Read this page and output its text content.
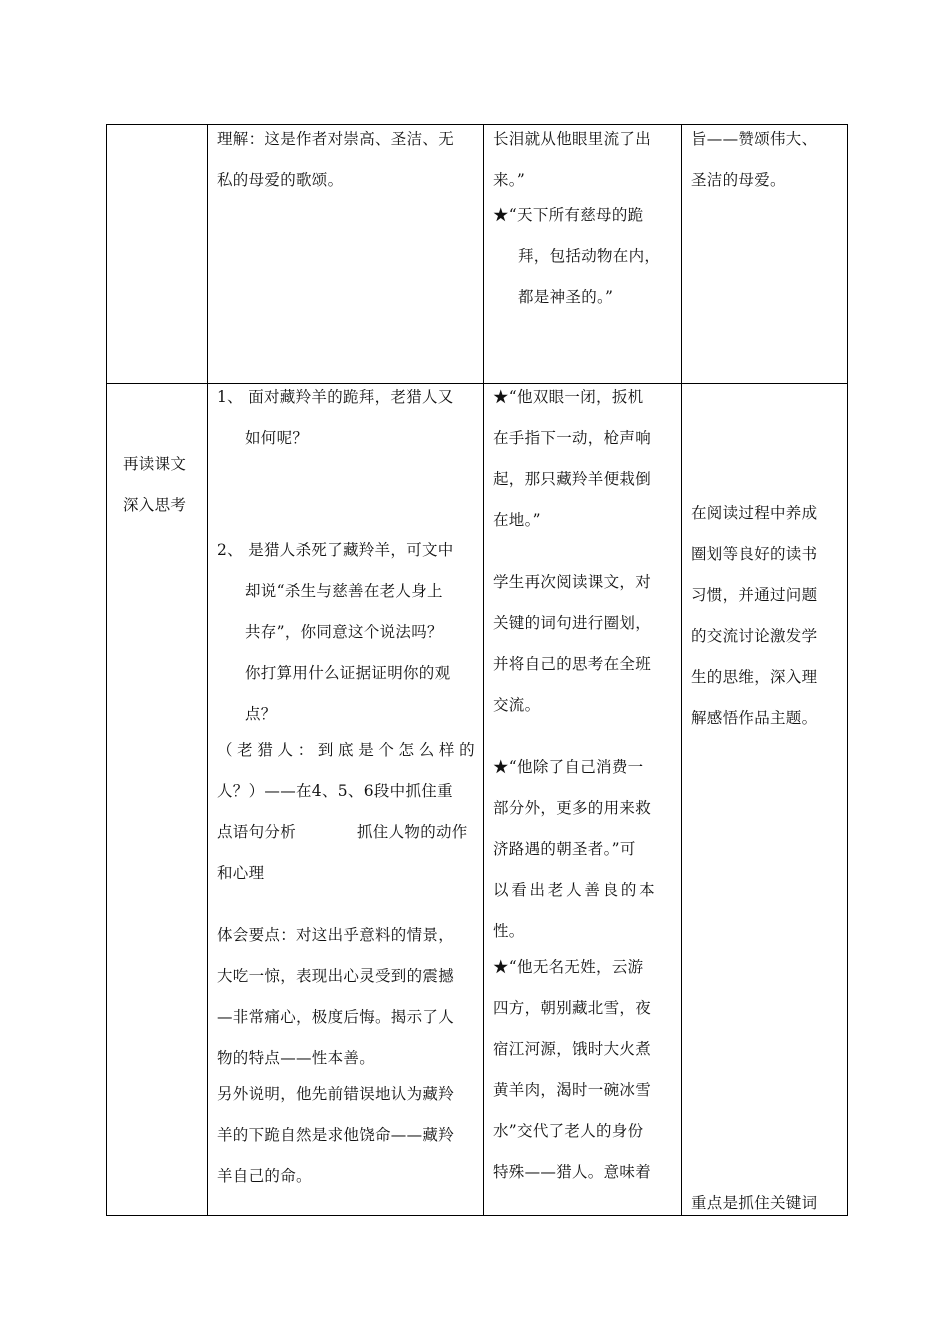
理解：这是作者对崇高、圣洁、无
私的母爱的歌颂。
长泪就从他眼里流了出
来。”
★“天下所有慈母的跪
拜，包括动物在内，
都是神圣的。”
旨——赞颂伟大、
圣洁的母爱。
再读课文
深入思考
1、 面对藏羚羊的跪拜，老猎人又
如何呢？
2、 是猎人杀死了藏羚羊，可文中
却说“杀生与慈善在老人身上
共存”，你同意这个说法吗？
你打算用什么证据证明你的观
点？
（ 老 猎 人 ： 到 底 是 个 怎 么 样 的
人？）——在4、5、6段中抓住重
点语句分析	抓住人物的动作
和心理
体会要点：对这出乎意料的情景，
大吃一惊，表现出心灵受到的震撼
—非常痛心，极度后悔。揭示了人
物的特点——性本善。
另外说明，他先前错误地认为藏羚
羊的下跪自然是求他饶命——藏羚
羊自己的命。
★“他双眼一闭，扳机
在手指下一动，枪声响
起，那只藏羚羊便栽倒
在地。”
学生再次阅读课文，对
关键的词句进行圈划，
并将自己的思考在全班
交流。
★“他除了自己消费一
部分外，更多的用来救
济路遇的朝圣者。”可
以 看 出 老 人 善 良 的 本
性。
★“他无名无姓，云游
四方，朝别藏北雪，夜
宿江河源，饿时大火煮
黄羊肉，渴时一碗冰雪
水”交代了老人的身份
特殊——猎人。意味着
在阅读过程中养成
圈划等良好的读书
习惯，并通过问题
的交流讨论激发学
生的思维，深入理
解感悟作品主题。
重点是抓住关键词
